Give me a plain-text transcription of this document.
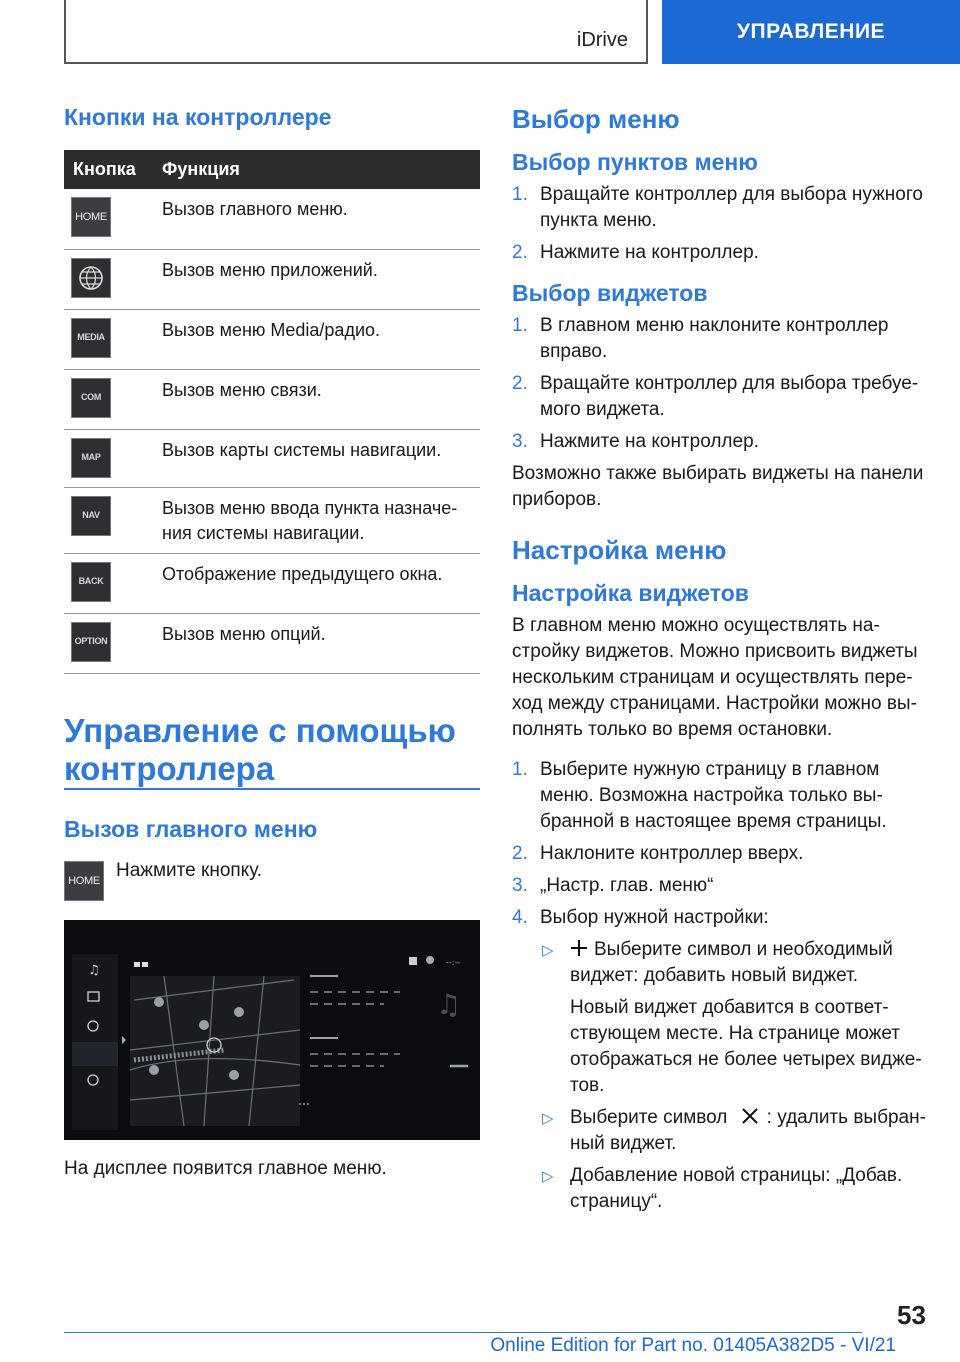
iDrive	УПРАВЛЕНИЕ
Кнопки на контроллере
Кнопка	Функция

HOME	Вызов главного меню.

	Вызов меню приложений.

MEDIA	Вызов меню Media/радио.

COM	Вызов меню связи.

MAP	Вызов карты системы навигации.

NAV	Вызов меню ввода пункта назначе-ния системы навигации.

BACK	Отображение предыдущего окна.

OPTION	Вызов меню опций.
Управление с помощью контроллера
Вызов главного меню
HOME Нажмите кнопку.
♫
--:--
♫
На дисплее появится главное меню.
Выбор меню
Выбор пунктов меню
1. Вращайте контроллер для выбора нужного пункта меню.
2. Нажмите на контроллер.
Выбор виджетов
1. В главном меню наклоните контроллер вправо.
2. Вращайте контроллер для выбора требуе-мого виджета.
3. Нажмите на контроллер.
Возможно также выбирать виджеты на панели приборов.
Настройка меню
Настройка виджетов
В главном меню можно осуществлять на-стройку виджетов. Можно присвоить виджеты нескольким страницам и осуществлять пере-ход между страницами. Настройки можно вы-полнять только во время остановки.
1. Выберите нужную страницу в главном меню. Возможна настройка только вы-бранной в настоящее время страницы.
2. Наклоните контроллер вверх.
3. „Настр. глав. меню“
4. Выбор нужной настройки:
▷ Выберите символ и необходимый виджет: добавить новый виджет.
Новый виджет добавится в соответ-ствующем месте. На странице может отображаться не более четырех видже-тов.
▷ Выберите символ : удалить выбран-ный виджет.
▷ Добавление новой страницы: „Добав. страницу“.
53
Online Edition for Part no. 01405A382D5 - VI/21
